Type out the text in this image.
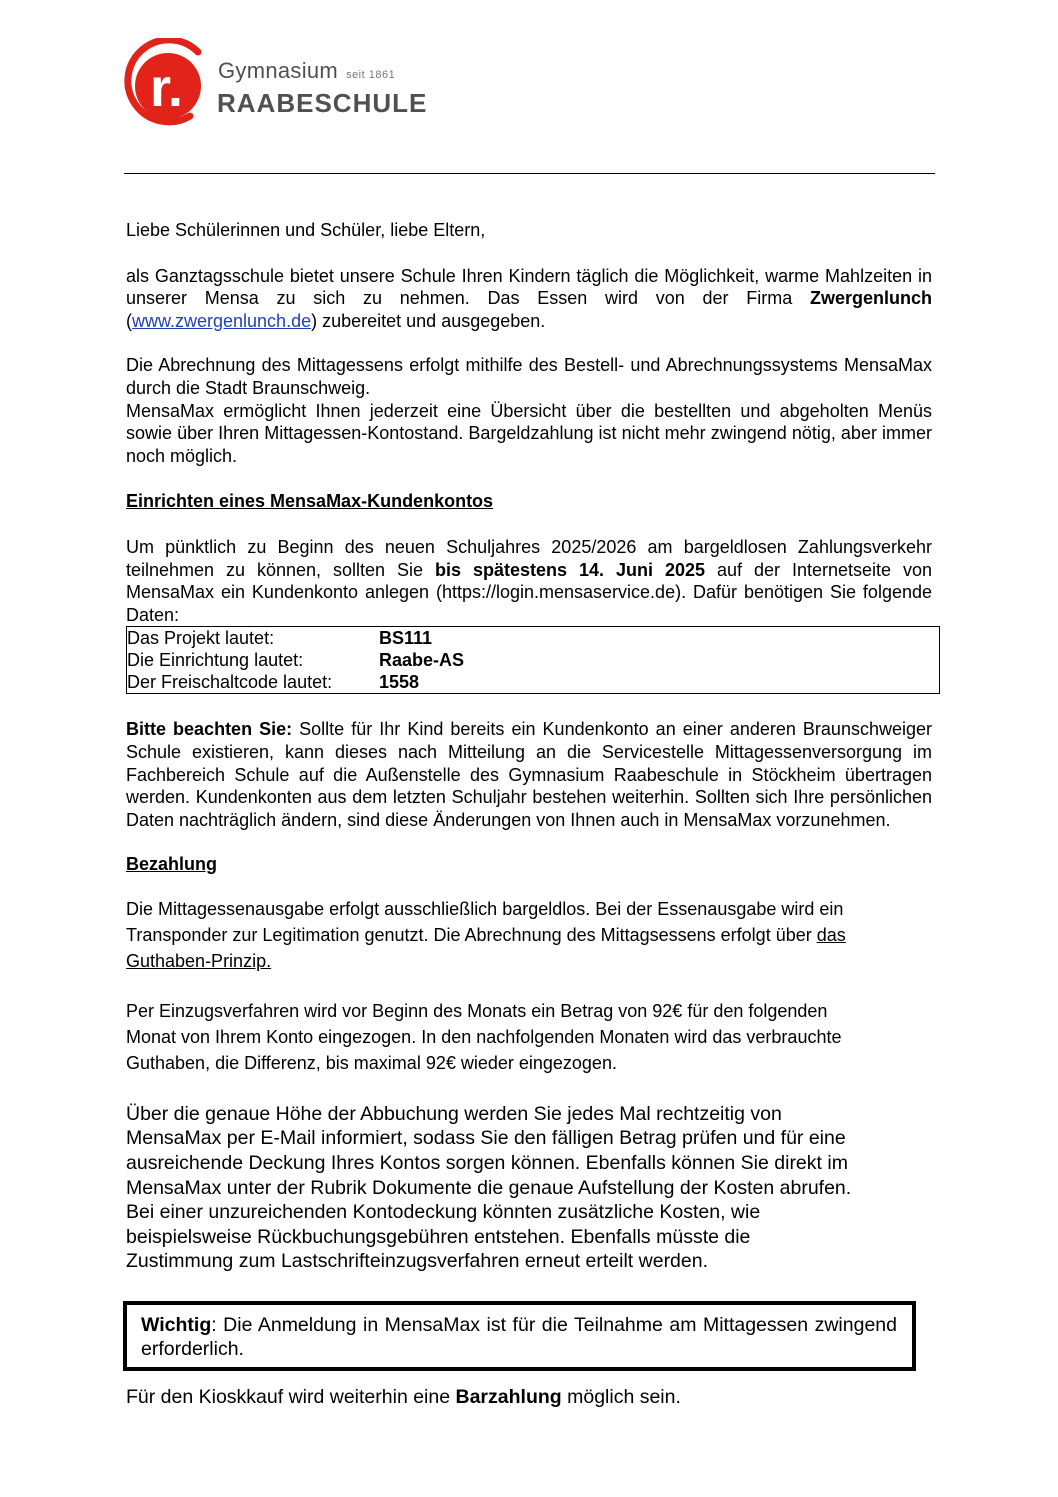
r. Gymnasium seit 1861
RAABESCHULE

Liebe Schülerinnen und Schüler, liebe Eltern,

als Ganztagsschule bietet unsere Schule Ihren Kindern täglich die Möglichkeit, warme Mahlzeiten in unserer Mensa zu sich zu nehmen. Das Essen wird von der Firma Zwergenlunch (www.zwergenlunch.de) zubereitet und ausgegeben.

Die Abrechnung des Mittagessens erfolgt mithilfe des Bestell- und Abrechnungssystems MensaMax durch die Stadt Braunschweig.

MensaMax ermöglicht Ihnen jederzeit eine Übersicht über die bestellten und abgeholten Menüs sowie über Ihren Mittagessen-Kontostand. Bargeldzahlung ist nicht mehr zwingend nötig, aber immer noch möglich.

Einrichten eines MensaMax-Kundenkontos

Um pünktlich zu Beginn des neuen Schuljahres 2025/2026 am bargeldlosen Zahlungsverkehr teilnehmen zu können, sollten Sie bis spätestens 14. Juni 2025 auf der Internetseite von MensaMax ein Kundenkonto anlegen (https://login.mensaservice.de). Dafür benötigen Sie folgende Daten:

Das Projekt lautet:	BS111
Die Einrichtung lautet:	Raabe-AS
Der Freischaltcode lautet:	1558

Bitte beachten Sie: Sollte für Ihr Kind bereits ein Kundenkonto an einer anderen Braunschweiger Schule existieren, kann dieses nach Mitteilung an die Servicestelle Mittagessenversorgung im Fachbereich Schule auf die Außenstelle des Gymnasium Raabeschule in Stöckheim übertragen werden. Kundenkonten aus dem letzten Schuljahr bestehen weiterhin. Sollten sich Ihre persönlichen Daten nachträglich ändern, sind diese Änderungen von Ihnen auch in MensaMax vorzunehmen.

Bezahlung

Die Mittagessenausgabe erfolgt ausschließlich bargeldlos. Bei der Essenausgabe wird ein
Transponder zur Legitimation genutzt. Die Abrechnung des Mittagsessens erfolgt über das
Guthaben-Prinzip.
Per Einzugsverfahren wird vor Beginn des Monats ein Betrag von 92€ für den folgenden
Monat von Ihrem Konto eingezogen. In den nachfolgenden Monaten wird das verbrauchte
Guthaben, die Differenz, bis maximal 92€ wieder eingezogen.
Über die genaue Höhe der Abbuchung werden Sie jedes Mal rechtzeitig von
MensaMax per E-Mail informiert, sodass Sie den fälligen Betrag prüfen und für eine
ausreichende Deckung Ihres Kontos sorgen können. Ebenfalls können Sie direkt im
MensaMax unter der Rubrik Dokumente die genaue Aufstellung der Kosten abrufen.
Bei einer unzureichenden Kontodeckung könnten zusätzliche Kosten, wie
beispielsweise Rückbuchungsgebühren entstehen. Ebenfalls müsste die
Zustimmung zum Lastschrifteinzugsverfahren erneut erteilt werden.

Wichtig: Die Anmeldung in MensaMax ist für die Teilnahme am Mittagessen zwingend erforderlich.

Für den Kioskkauf wird weiterhin eine Barzahlung möglich sein.
